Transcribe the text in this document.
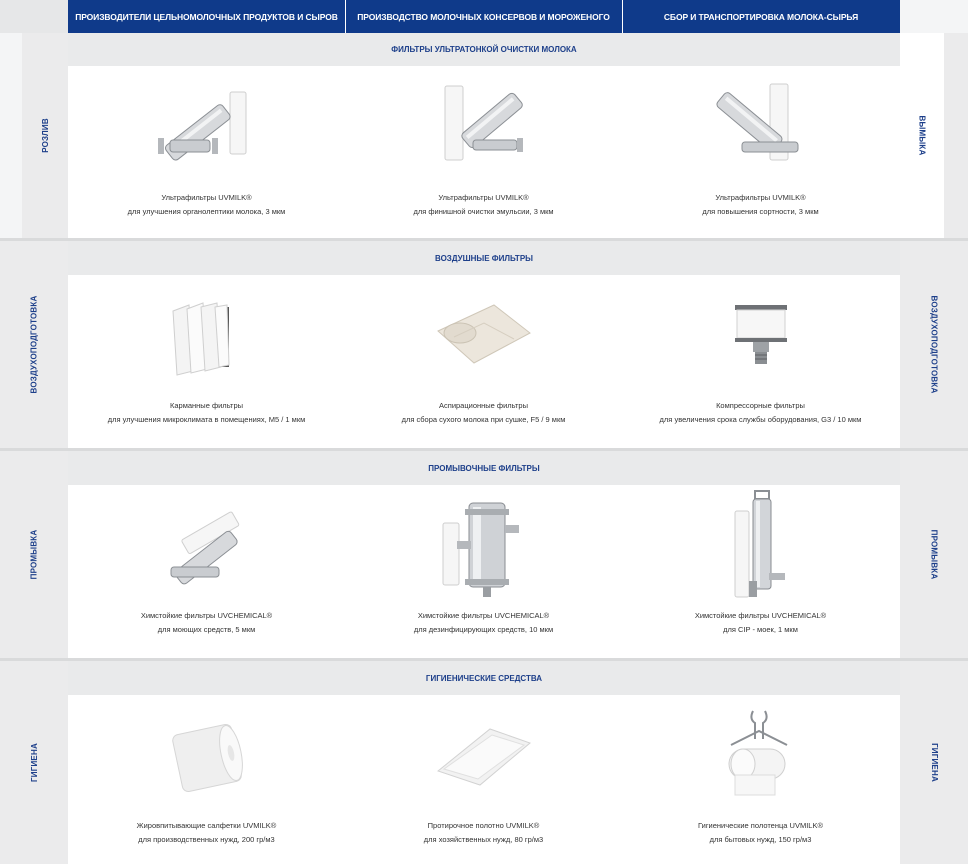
ПРОИЗВОДИТЕЛИ ЦЕЛЬНОМОЛОЧНЫХ ПРОДУКТОВ И СЫРОВ ПРОИЗВОДСТВО МОЛОЧНЫХ КОНСЕРВОВ И МОРОЖЕНОГО	СБОР И ТРАНСПОРТИРОВКА МОЛОКА-СЫРЬЯ
РОЗЛИВ	ВЫМЫКА
ФИЛЬТРЫ УЛЬТРАТОНКОЙ ОЧИСТКИ МОЛОКА
Ультрафильтры UVMILK®
для улучшения органолептики молока, 3 мкм
Ультрафильтры UVMILK®
для финишной очистки эмульсии, 3 мкм
Ультрафильтры UVMILK®
для повышения сортности, 3 мкм
ВОЗДУХОПОДГОТОВКА	ВОЗДУХОПОДГОТОВКА
ВОЗДУШНЫЕ ФИЛЬТРЫ
Карманные фильтры
для улучшения микроклимата в помещениях, M5 / 1 мкм
Аспирационные фильтры
для сбора сухого молока при сушке, F5 / 9 мкм
Компрессорные фильтры
для увеличения срока службы оборудования, G3 / 10 мкм
ПРОМЫВКА	ПРОМЫВКА
ПРОМЫВОЧНЫЕ ФИЛЬТРЫ
Химстойкие фильтры UVCHEMICAL®
для моющих средств, 5 мкм
Химстойкие фильтры UVCHEMICAL®
для дезинфицирующих средств, 10 мкм
Химстойкие фильтры UVCHEMICAL®
для CIP - моек, 1 мкм
ГИГИЕНА	ГИГИЕНА
ГИГИЕНИЧЕСКИЕ СРЕДСТВА
Жировпитывающие салфетки UVMILK®
для производственных нужд, 200 гр/м3
Протирочное полотно UVMILK®
для хозяйственных нужд, 80 гр/м3
Гигиенические полотенца UVMILK®
для бытовых нужд, 150 гр/м3
